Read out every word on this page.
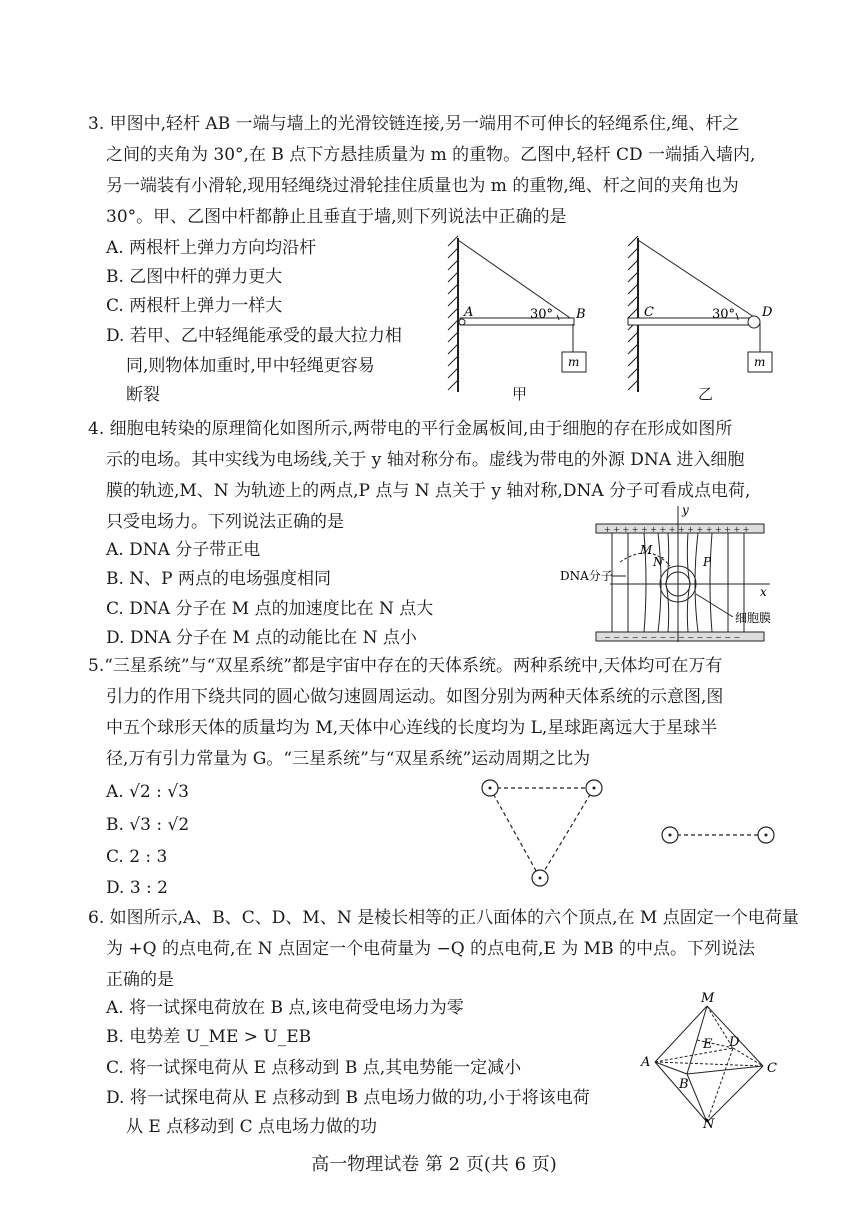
3. 甲图中,轻杆 AB 一端与墙上的光滑铰链连接,另一端用不可伸长的轻绳系住,绳、杆之
之间的夹角为 30°,在 B 点下方悬挂质量为 m 的重物。乙图中,轻杆 CD 一端插入墙内,
另一端装有小滑轮,现用轻绳绕过滑轮挂住质量也为 m 的重物,绳、杆之间的夹角也为
30°。甲、乙图中杆都静止且垂直于墙,则下列说法中正确的是
A. 两根杆上弹力方向均沿杆
B. 乙图中杆的弹力更大
C. 两根杆上弹力一样大
D. 若甲、乙中轻绳能承受的最大拉力相
同,则物体加重时,甲中轻绳更容易
断裂
A	B
30°
m
甲
C	D
30°
m
乙
4. 细胞电转染的原理简化如图所示,两带电的平行金属板间,由于细胞的存在形成如图所
示的电场。其中实线为电场线,关于 y 轴对称分布。虚线为带电的外源 DNA 进入细胞
膜的轨迹,M、N 为轨迹上的两点,P 点与 N 点关于 y 轴对称,DNA 分子可看成点电荷,
只受电场力。下列说法正确的是
A. DNA 分子带正电
B. N、P 两点的电场强度相同
C. DNA 分子在 M 点的加速度比在 N 点大
D. DNA 分子在 M 点的动能比在 N 点小
+ + + + + + + + + + + + + + + +
− − − − − − − − − − − − − − −
y
x
M
N	P
DNA分子
细胞膜
5.“三星系统”与“双星系统”都是宇宙中存在的天体系统。两种系统中,天体均可在万有
引力的作用下绕共同的圆心做匀速圆周运动。如图分别为两种天体系统的示意图,图
中五个球形天体的质量均为 M,天体中心连线的长度均为 L,星球距离远大于星球半
径,万有引力常量为 G。“三星系统”与“双星系统”运动周期之比为
A. √2 : √3
B. √3 : √2
C. 2 : 3
D. 3 : 2
6. 如图所示,A、B、C、D、M、N 是棱长相等的正八面体的六个顶点,在 M 点固定一个电荷量
为 +Q 的点电荷,在 N 点固定一个电荷量为 −Q 的点电荷,E 为 MB 的中点。下列说法
正确的是
A. 将一试探电荷放在 B 点,该电荷受电场力为零
B. 电势差 U_ME > U_EB
C. 将一试探电荷从 E 点移动到 B 点,其电势能一定减小
D. 将一试探电荷从 E 点移动到 B 点电场力做的功,小于将该电荷
从 E 点移动到 C 点电场力做的功
M
N
A
B
C
D
E
高一物理试卷 第 2 页(共 6 页)
